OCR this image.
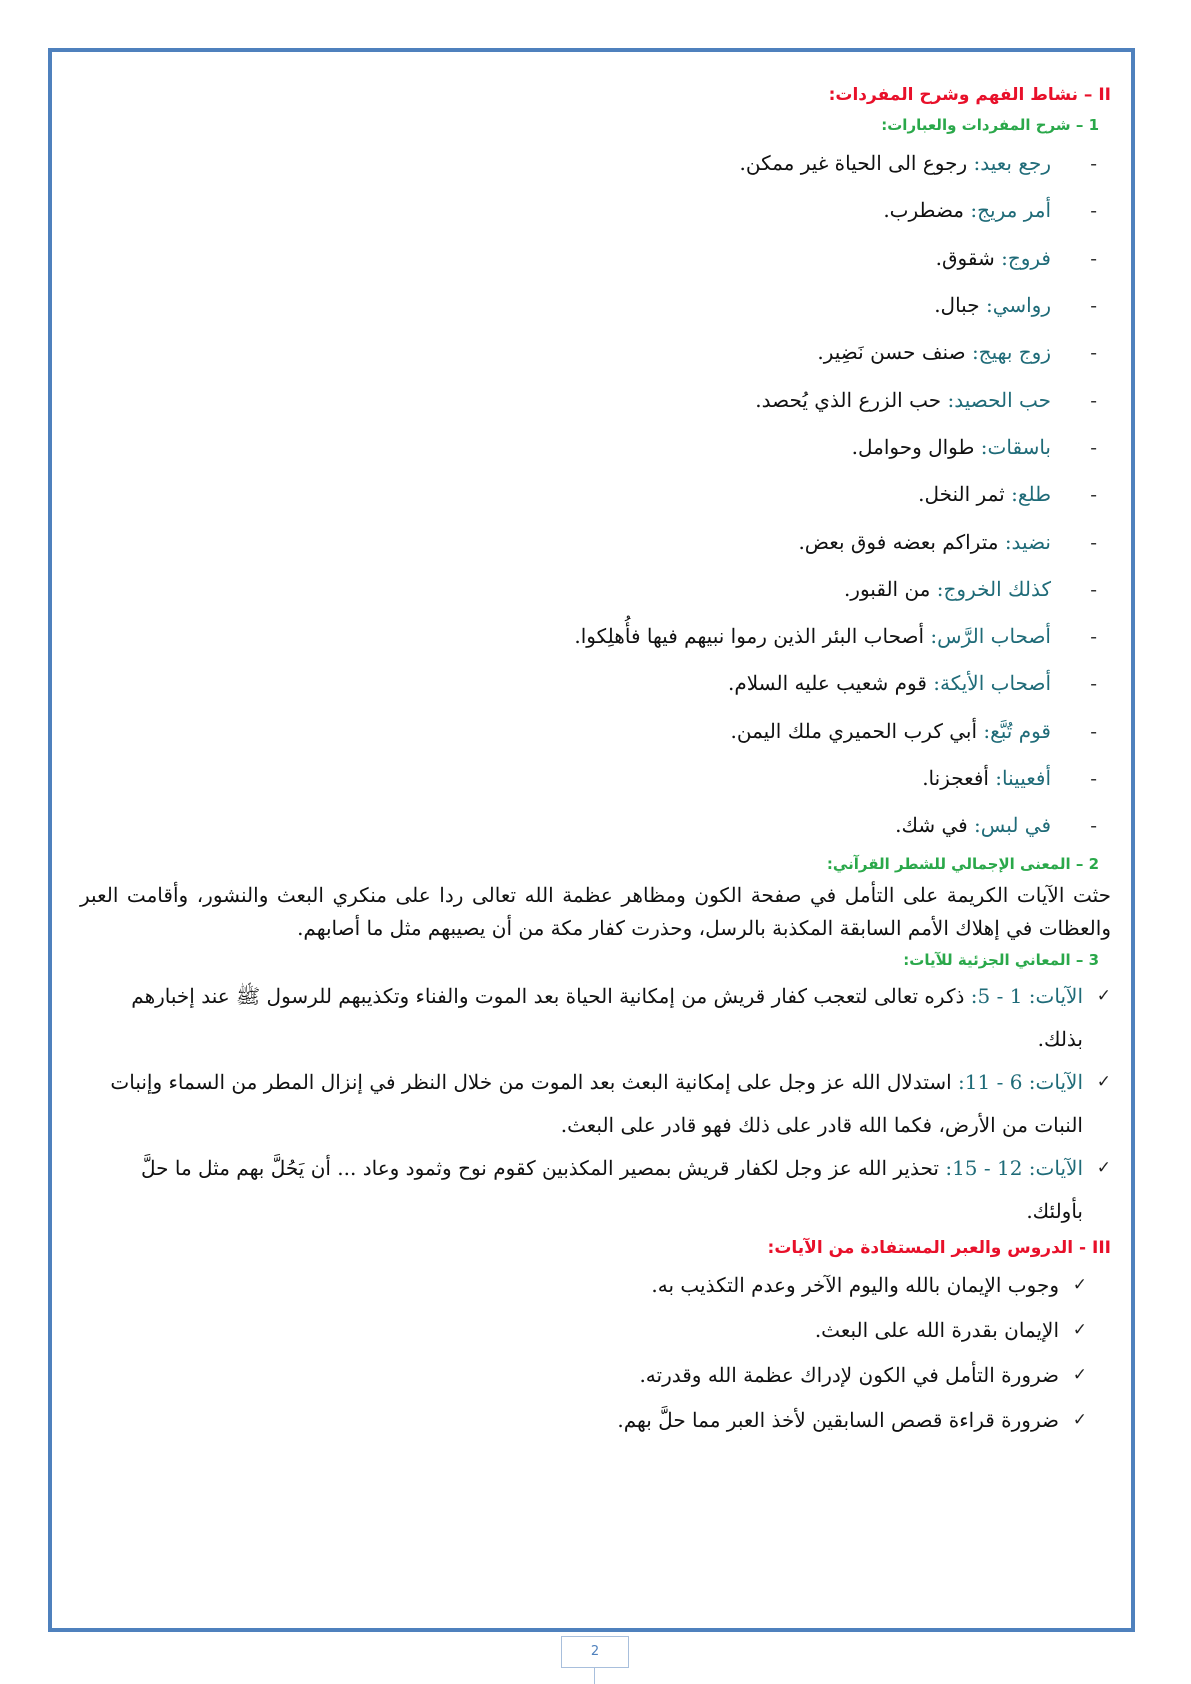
II – نشاط الفهم وشرح المفردات:
1 – شرح المفردات والعبارات:
-
رجع بعيد:

رجوع الى الحياة غير ممكن.
-
أمر مريج:

مضطرب.
-
فروج:

شقوق.
-
رواسي:

جبال.
-
زوج بهيج:

صنف حسن نَضِير.
-
حب الحصيد:

حب الزرع الذي يُحصد.
-
باسقات:

طوال وحوامل.
-
طلع:

ثمر النخل.
-
نضيد:

متراكم بعضه فوق بعض.
-
كذلك الخروج:

من القبور.
-
أصحاب الرَّس:

أصحاب البئر الذين رموا نبيهم فيها فأُهلِكوا.
-
أصحاب الأيكة:

قوم شعيب عليه السلام.
-
قوم تُبَّع:

أبي كرب الحميري ملك اليمن.
-
أفعيينا:

أفعجزنا.
-
في لبس:

في شك.
2 – المعنى الإجمالي للشطر القرآني:

حثت الآيات الكريمة على التأمل في صفحة الكون ومظاهر عظمة الله تعالى ردا على منكري البعث والنشور، وأقامت العبر والعظات في إهلاك الأمم السابقة المكذبة بالرسل، وحذرت كفار مكة من أن يصيبهم مثل ما أصابهم.

3 – المعاني الجزئية للآيات:
✓
الآيات: 1 - 5: ذكره تعالى لتعجب كفار قريش من إمكانية الحياة بعد الموت والفناء وتكذيبهم للرسول ﷺ عند إخبارهم بذلك.
✓
الآيات: 6 - 11: استدلال الله عز وجل على إمكانية البعث بعد الموت من خلال النظر في إنزال المطر من السماء وإنبات النبات من الأرض، فكما الله قادر على ذلك فهو قادر على البعث.
✓
الآيات: 12 - 15: تحذير الله عز وجل لكفار قريش بمصير المكذبين كقوم نوح وثمود وعاد ... أن يَحُلَّ بهم مثل ما حلَّ بأولئك.
III - الدروس والعبر المستفادة من الآيات:
✓
وجوب الإيمان بالله واليوم الآخر وعدم التكذيب به.
✓
الإيمان بقدرة الله على البعث.
✓
ضرورة التأمل في الكون لإدراك عظمة الله وقدرته.
✓
ضرورة قراءة قصص السابقين لأخذ العبر مما حلَّ بهم.
2
